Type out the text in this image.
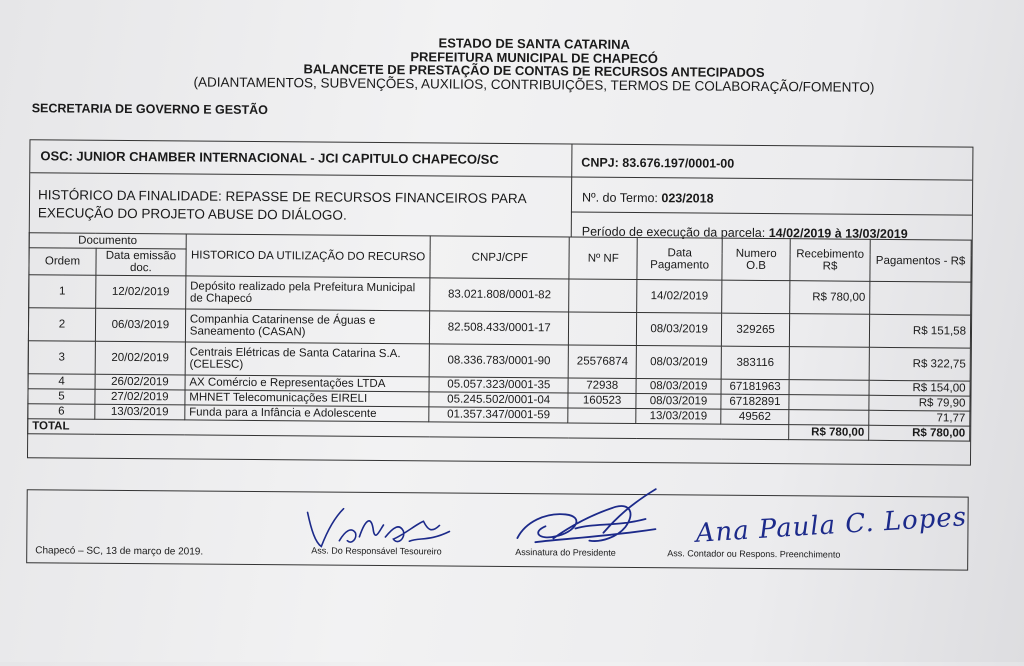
ESTADO DE SANTA CATARINA
PREFEITURA MUNICIPAL DE CHAPECÓ
BALANCETE DE PRESTAÇÃO DE CONTAS DE RECURSOS ANTECIPADOS
(ADIANTAMENTOS, SUBVENÇÕES, AUXILIOS, CONTRIBUIÇÕES, TERMOS DE COLABORAÇÃO/FOMENTO)
SECRETARIA DE GOVERNO E GESTÃO
OSC: JUNIOR CHAMBER INTERNACIONAL - JCI CAPITULO CHAPECO/SC	CNPJ: 83.676.197/0001-00
HISTÓRICO DA FINALIDADE: REPASSE DE RECURSOS FINANCEIROS PARA EXECUÇÃO DO PROJETO ABUSE DO DIÁLOGO.
Nº. do Termo: 023/2018
Período de execução da parcela: 14/02/2019 à 13/03/2019
Documento		HISTORICO DA UTILIZAÇÃO DO RECURSO	CNPJ/CPF	Nº NF	Data Pagamento	Numero O.B	Recebimento R$	Pagamentos - R$
Ordem	Data emissão doc.							
1	12/02/2019	Depósito realizado pela Prefeitura Municipal de Chapecó	83.021.808/0001-82		14/02/2019		R$ 780,00	
2	06/03/2019	Companhia Catarinense de Águas e Saneamento (CASAN)	82.508.433/0001-17		08/03/2019	329265		R$ 151,58
3	20/02/2019	Centrais Elétricas de Santa Catarina S.A. (CELESC)	08.336.783/0001-90	25576874	08/03/2019	383116		R$ 322,75
4	26/02/2019	AX Comércio e Representações LTDA	05.057.323/0001-35	72938	08/03/2019	67181963		R$ 154,00
5	27/02/2019	MHNET Telecomunicações EIRELI	05.245.502/0001-04	160523	08/03/2019	67182891		R$ 79,90
6	13/03/2019	Funda para a Infância e Adolescente	01.357.347/0001-59		13/03/2019	49562		71,77
TOTAL							R$ 780,00	R$ 780,00
Chapecó – SC, 13 de março de 2019.	Ass. Do Responsável Tesoureiro	Assinatura do Presidente
Ana Paula C. Lopes
Ass. Contador ou Respons. Preenchimento
